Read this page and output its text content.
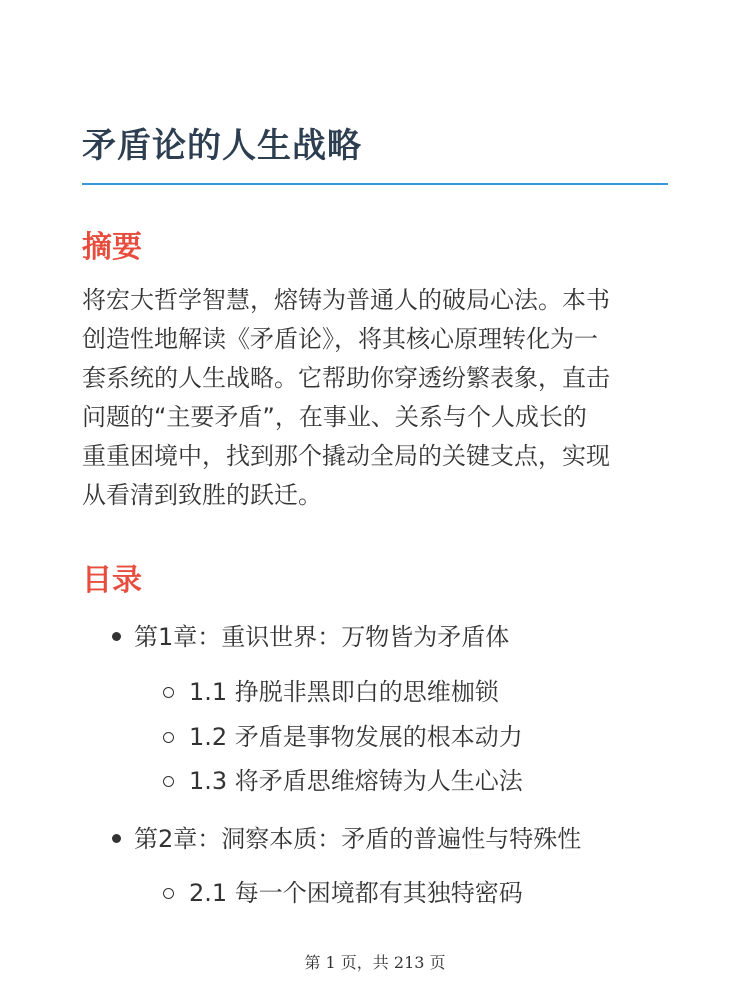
矛盾论的人生战略
摘要
将宏大哲学智慧，熔铸为普通人的破局心法。本书
创造性地解读《矛盾论》，将其核心原理转化为一
套系统的人生战略。它帮助你穿透纷繁表象，直击
问题的“主要矛盾”，在事业、关系与个人成长的
重重困境中，找到那个撬动全局的关键支点，实现
从看清到致胜的跃迁。
目录
第1章：重识世界：万物皆为矛盾体
1.1 挣脱非黑即白的思维枷锁
1.2 矛盾是事物发展的根本动力
1.3 将矛盾思维熔铸为人生心法
第2章：洞察本质：矛盾的普遍性与特殊性
2.1 每一个困境都有其独特密码
第 1 页，共 213 页
